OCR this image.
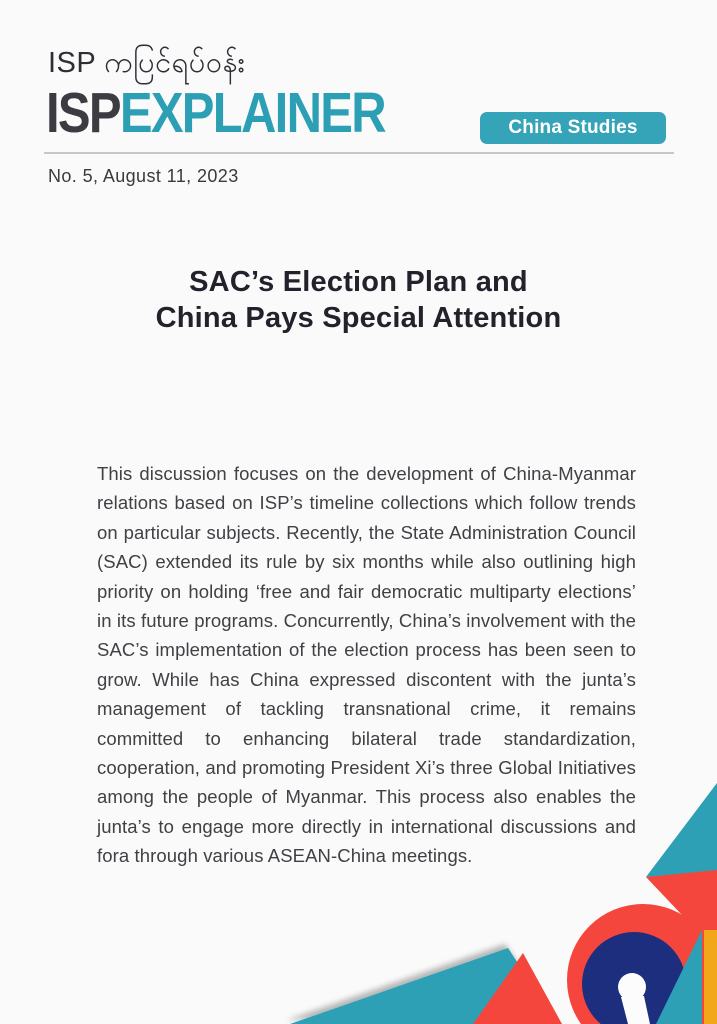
ISP ကပြင်ရပ်ဝန်း
ISPEXPLAINER	China Studies
No. 5, August 11, 2023
SAC’s Election Plan and
China Pays Special Attention
This discussion focuses on the development of China-Myanmar relations based on ISP’s timeline collections which follow trends on particular subjects. Recently, the State Administration Council (SAC) extended its rule by six months while also outlining high priority on holding ‘free and fair democratic multiparty elections’ in its future programs. Concurrently, China’s involvement with the SAC’s implementation of the election process has been seen to grow. While has China expressed discontent with the junta’s management of tackling transnational crime, it remains committed to enhancing bilateral trade standardization, cooperation, and promoting President Xi’s three Global Initiatives among the people of Myanmar. This process also enables the junta’s to engage more directly in international discussions and fora through various ASEAN-China meetings.
